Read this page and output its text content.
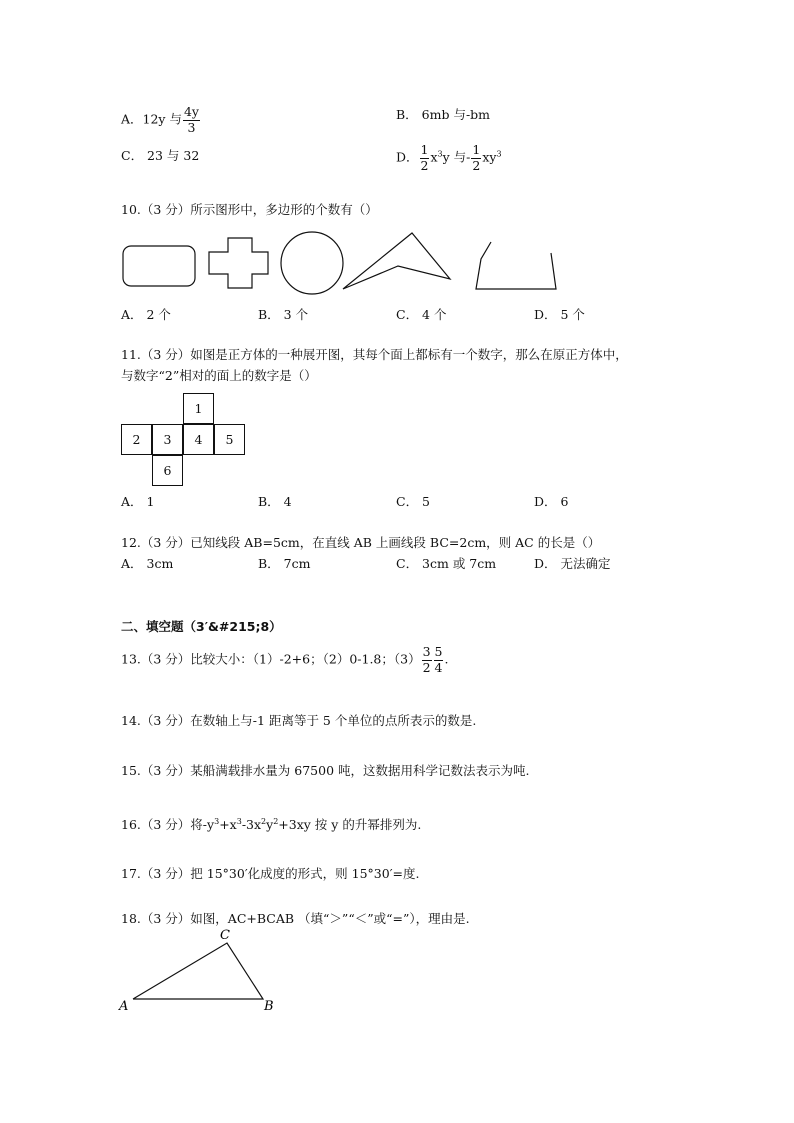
A．12y 与 $\frac{4y}{3}$	B． 6mb 与-bm
C． 23 与 32	D． $\frac{1}{2} x^3y$ 与- $\frac{1}{2} xy^3$
10.（3 分）所示图形中，多边形的个数有（）
A． 2 个	B． 3 个	C． 4 个	D． 5 个
11.（3 分）如图是正方体的一种展开图，其每个面上都标有一个数字，那么在原正方体中，
与数字“2”相对的面上的数字是（）
1
2	3	4	5
6
A． 1	B． 4	C． 5	D． 6
12.（3 分）已知线段 AB=5cm，在直线 AB 上画线段 BC=2cm，则 AC 的长是（）
A． 3cm	B． 7cm	C． 3cm 或 7cm	D． 无法确定
二、填空题（3′&#215;8）
13.（3 分）比较大小：（1）-2+6；（2）0-1.8；$(3) \frac{3}{2} \frac{5}{4}$ .
14.（3 分）在数轴上与-1 距离等于 5 个单位的点所表示的数是.
15.（3 分）某船满载排水量为 67500 吨，这数据用科学记数法表示为吨.
16.（3 分）将$-y^3+x^3-3x^2y^2+3xy$ 按 y 的升幂排列为.
17.（3 分）把 15°30′化成度的形式，则 15°30′=度.
18.（3 分）如图，AC+BCAB （填“＞”“＜”或“=”），理由是.
C
A	B
